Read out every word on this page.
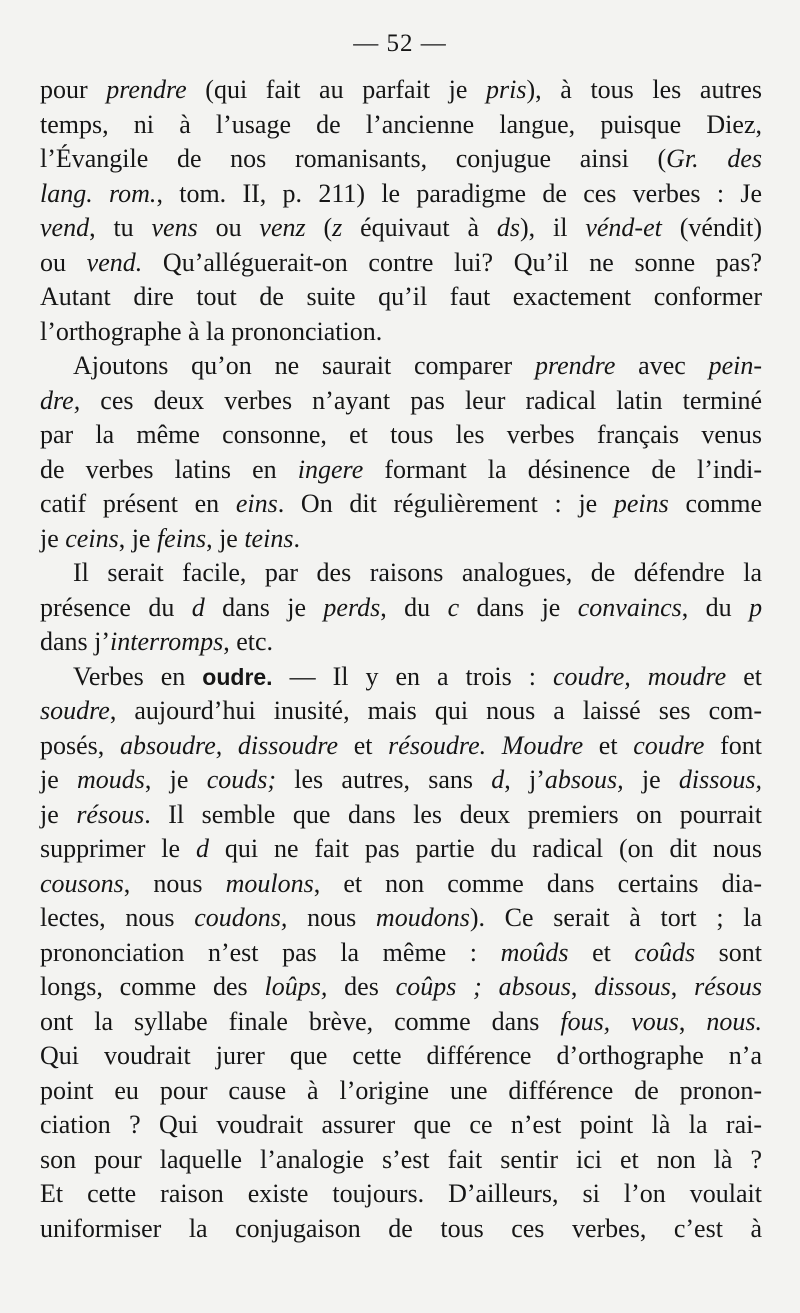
— 52 —
pour prendre (qui fait au parfait je pris), à tous les autres
temps, ni à l’usage de l’ancienne langue, puisque Diez,
l’Évangile de nos romanisants, conjugue ainsi (Gr. des
lang. rom., tom. II, p. 211) le paradigme de ces verbes : Je
vend, tu vens ou venz (z équivaut à ds), il vénd-et (véndit)
ou vend. Qu’alléguerait-on contre lui? Qu’il ne sonne pas?
Autant dire tout de suite qu’il faut exactement conformer
l’orthographe à la prononciation.
Ajoutons qu’on ne saurait comparer prendre avec pein-
dre, ces deux verbes n’ayant pas leur radical latin terminé
par la même consonne, et tous les verbes français venus
de verbes latins en ingere formant la désinence de l’indi-
catif présent en eins. On dit régulièrement : je peins comme
je ceins, je feins, je teins.
Il serait facile, par des raisons analogues, de défendre la
présence du d dans je perds, du c dans je convaincs, du p
dans j’interromps, etc.
Verbes en oudre. — Il y en a trois : coudre, moudre et
soudre, aujourd’hui inusité, mais qui nous a laissé ses com-
posés, absoudre, dissoudre et résoudre. Moudre et coudre font
je mouds, je couds; les autres, sans d, j’absous, je dissous,
je résous. Il semble que dans les deux premiers on pourrait
supprimer le d qui ne fait pas partie du radical (on dit nous
cousons, nous moulons, et non comme dans certains dia-
lectes, nous coudons, nous moudons). Ce serait à tort ; la
prononciation n’est pas la même : moûds et coûds sont
longs, comme des loûps, des coûps ; absous, dissous, résous
ont la syllabe finale brève, comme dans fous, vous, nous.
Qui voudrait jurer que cette différence d’orthographe n’a
point eu pour cause à l’origine une différence de pronon-
ciation ? Qui voudrait assurer que ce n’est point là la rai-
son pour laquelle l’analogie s’est fait sentir ici et non là ?
Et cette raison existe toujours. D’ailleurs, si l’on voulait
uniformiser la conjugaison de tous ces verbes, c’est à
